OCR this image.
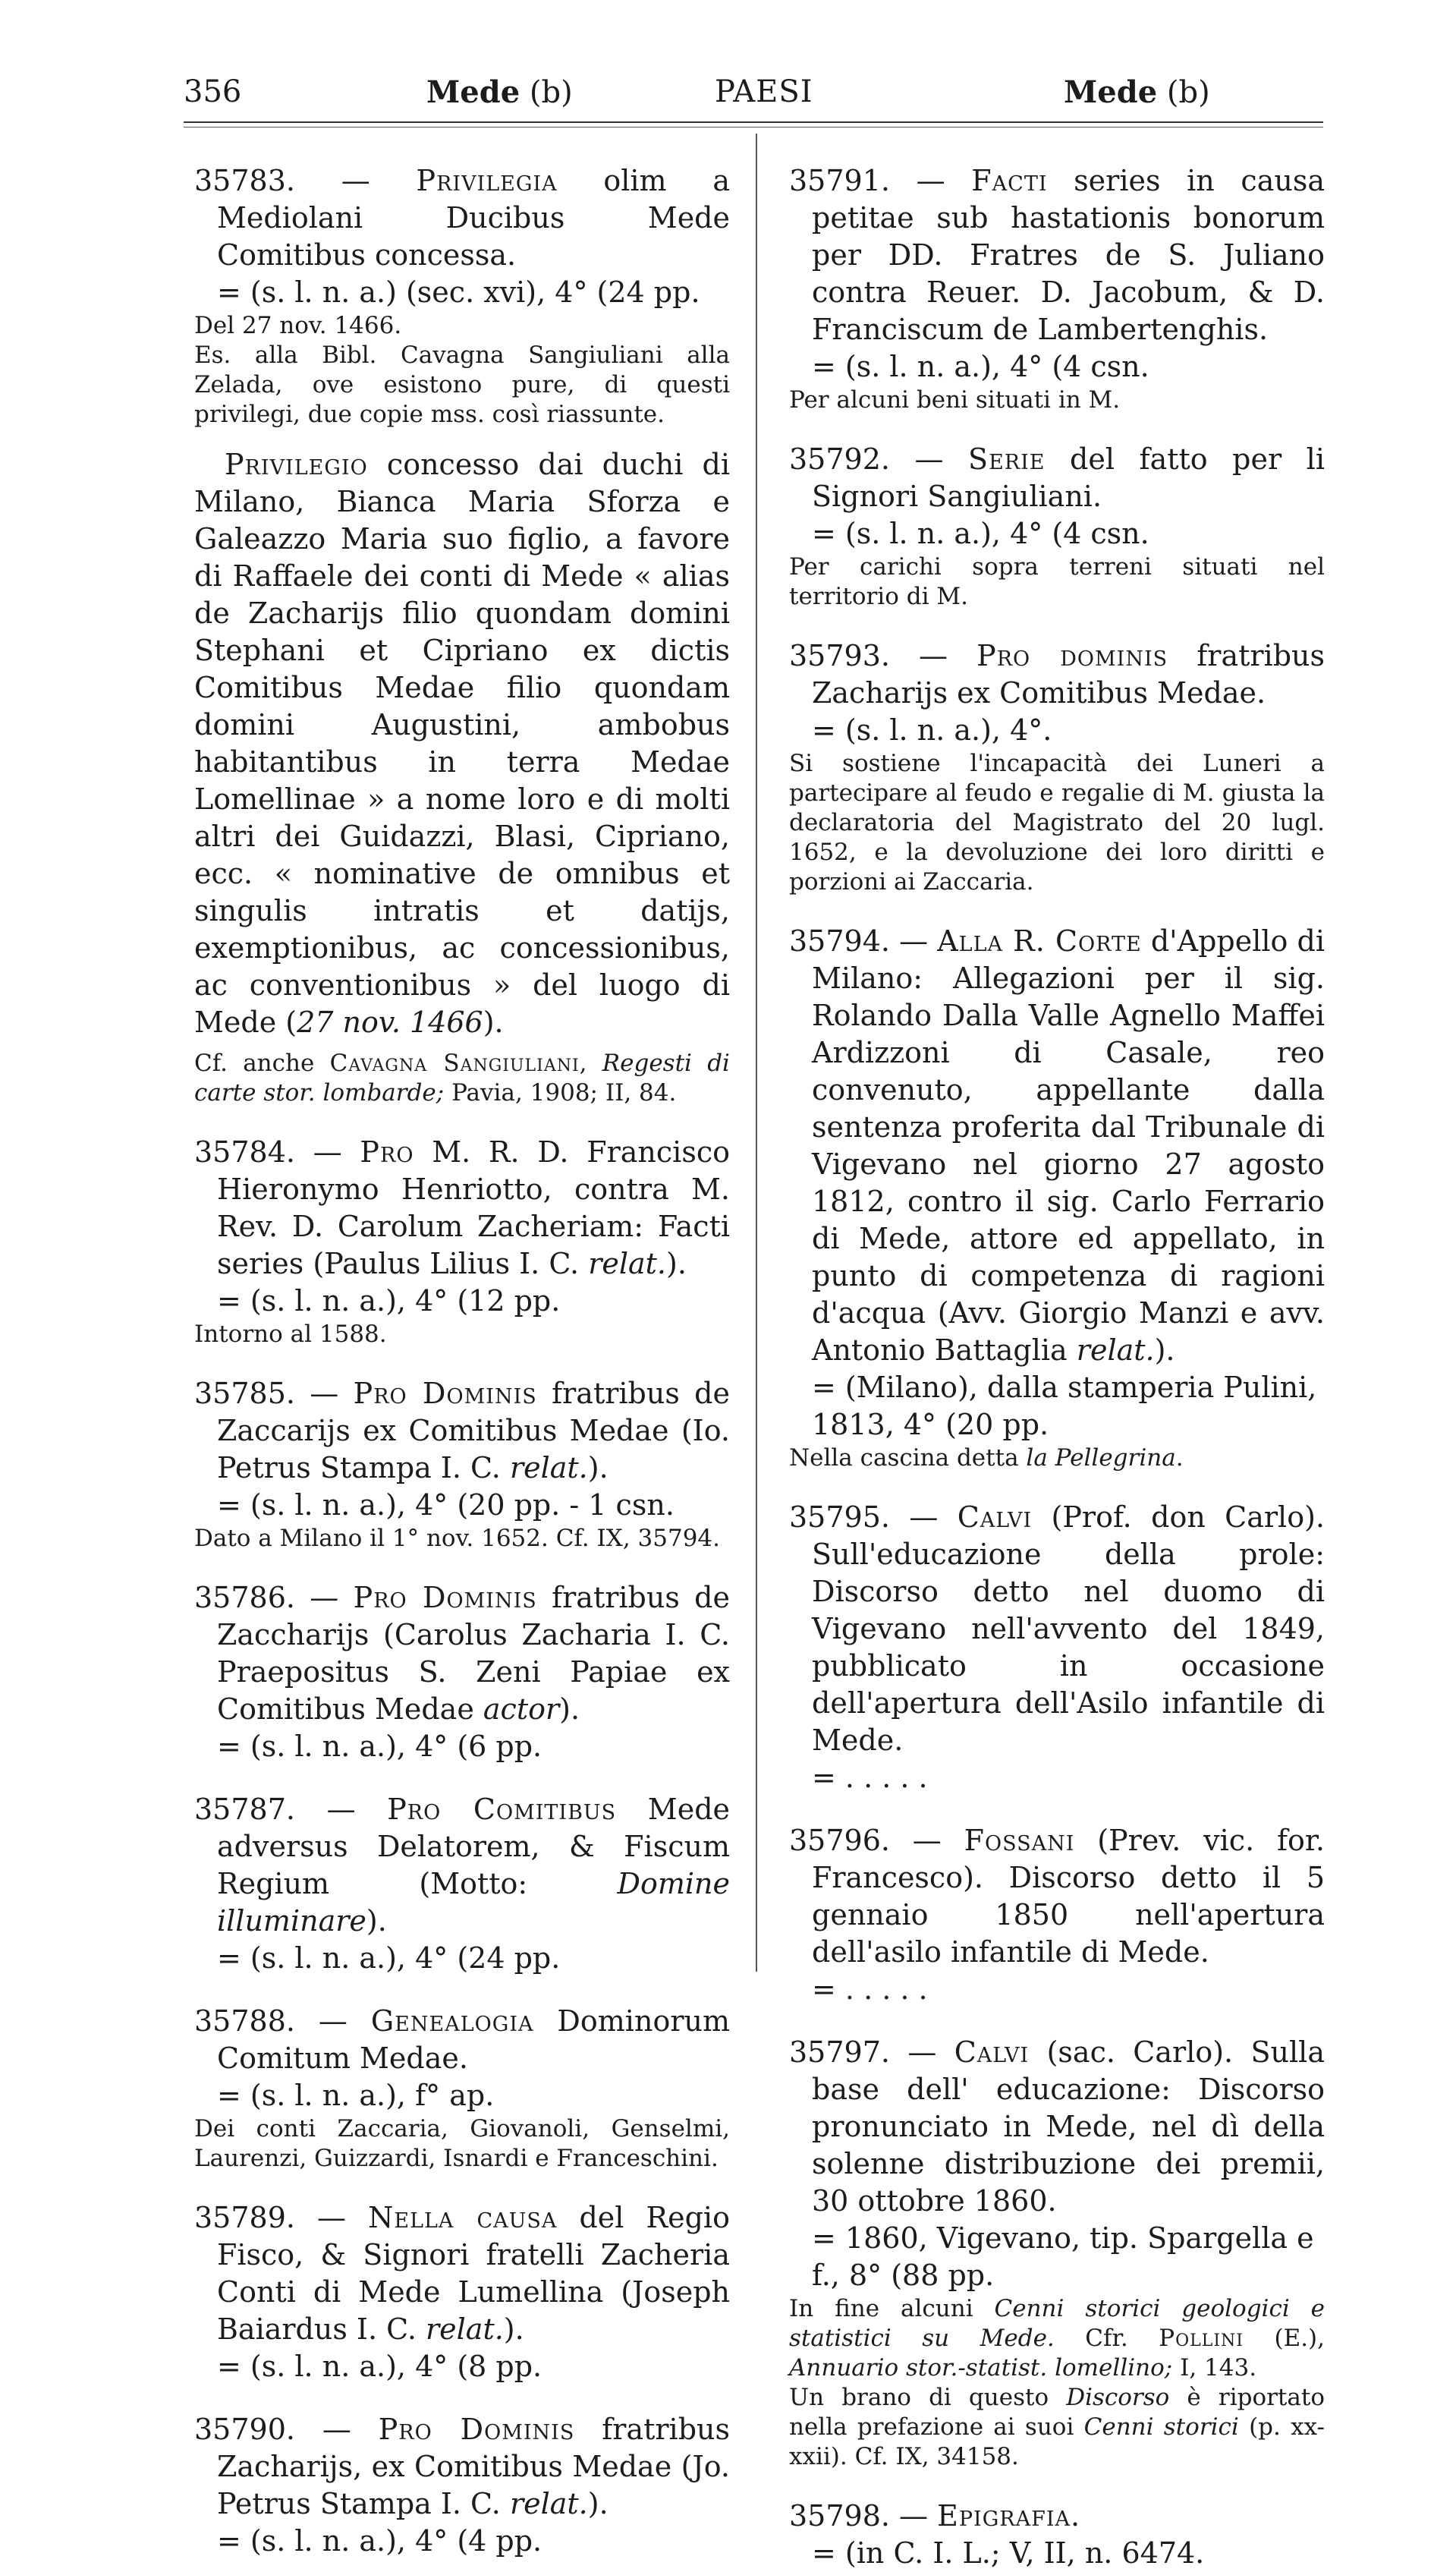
356	Mede (b)	PAESI	Mede (b)

35783. — Privilegia olim a Mediolani Ducibus Mede Comitibus concessa.

= (s. l. n. a.) (sec. xvi), 4° (24 pp.

Del 27 nov. 1466.

Es. alla Bibl. Cavagna Sangiuliani alla Zelada, ove esistono pure, di questi privilegi, due copie mss. così riassunte.

Privilegio concesso dai duchi di Milano, Bianca Maria Sforza e Galeazzo Maria suo figlio, a favore di Raffaele dei conti di Mede « alias de Zacharijs filio quondam domini Stephani et Cipriano ex dictis Comitibus Medae filio quondam domini Augustini, ambobus habitantibus in terra Medae Lomellinae » a nome loro e di molti altri dei Guidazzi, Blasi, Cipriano, ecc. « nominative de omnibus et singulis intratis et datijs, exemptionibus, ac concessionibus, ac conventionibus » del luogo di Mede (27 nov. 1466).

Cf. anche Cavagna Sangiuliani, Regesti di carte stor. lombarde; Pavia, 1908; II, 84.

35784. — Pro M. R. D. Francisco Hieronymo Henriotto, contra M. Rev. D. Carolum Zacheriam: Facti series (Paulus Lilius I. C. relat.).

= (s. l. n. a.), 4° (12 pp.

Intorno al 1588.

35785. — Pro Dominis fratribus de Zaccarijs ex Comitibus Medae (Io. Petrus Stampa I. C. relat.).

= (s. l. n. a.), 4° (20 pp. - 1 csn.

Dato a Milano il 1° nov. 1652. Cf. IX, 35794.

35786. — Pro Dominis fratribus de Zaccharijs (Carolus Zacharia I. C. Praepositus S. Zeni Papiae ex Comitibus Medae actor).

= (s. l. n. a.), 4° (6 pp.

35787. — Pro Comitibus Mede adversus Delatorem, & Fiscum Regium (Motto: Domine illuminare).

= (s. l. n. a.), 4° (24 pp.

35788. — Genealogia Dominorum Comitum Medae.

= (s. l. n. a.), f° ap.

Dei conti Zaccaria, Giovanoli, Genselmi, Laurenzi, Guizzardi, Isnardi e Franceschini.

35789. — Nella causa del Regio Fisco, & Signori fratelli Zacheria Conti di Mede Lumellina (Joseph Baiardus I. C. relat.).

= (s. l. n. a.), 4° (8 pp.

35790. — Pro Dominis fratribus Zacharijs, ex Comitibus Medae (Jo. Petrus Stampa I. C. relat.).

= (s. l. n. a.), 4° (4 pp.

35791. — Facti series in causa petitae sub hastationis bonorum per DD. Fratres de S. Juliano contra Reuer. D. Jacobum, & D. Franciscum de Lambertenghis.

= (s. l. n. a.), 4° (4 csn.

Per alcuni beni situati in M.

35792. — Serie del fatto per li Signori Sangiuliani.

= (s. l. n. a.), 4° (4 csn.

Per carichi sopra terreni situati nel territorio di M.

35793. — Pro dominis fratribus Zacharijs ex Comitibus Medae.

= (s. l. n. a.), 4°.

Si sostiene l'incapacità dei Luneri a partecipare al feudo e regalie di M. giusta la declaratoria del Magistrato del 20 lugl. 1652, e la devoluzione dei loro diritti e porzioni ai Zaccaria.

35794. — Alla R. Corte d'Appello di Milano: Allegazioni per il sig. Rolando Dalla Valle Agnello Maffei Ardizzoni di Casale, reo convenuto, appellante dalla sentenza proferita dal Tribunale di Vigevano nel giorno 27 agosto 1812, contro il sig. Carlo Ferrario di Mede, attore ed appellato, in punto di competenza di ragioni d'acqua (Avv. Giorgio Manzi e avv. Antonio Battaglia relat.).

= (Milano), dalla stamperia Pulini, 1813, 4° (20 pp.

Nella cascina detta la Pellegrina.

35795. — Calvi (Prof. don Carlo). Sull'educazione della prole: Discorso detto nel duomo di Vigevano nell'avvento del 1849, pubblicato in occasione dell'apertura dell'Asilo infantile di Mede.

= . . . . .

35796. — Fossani (Prev. vic. for. Francesco). Discorso detto il 5 gennaio 1850 nell'apertura dell'asilo infantile di Mede.

= . . . . .

35797. — Calvi (sac. Carlo). Sulla base dell' educazione: Discorso pronunciato in Mede, nel dì della solenne distribuzione dei premii, 30 ottobre 1860.

= 1860, Vigevano, tip. Spargella e f., 8° (88 pp.

In fine alcuni Cenni storici geologici e statistici su Mede. Cfr. Pollini (E.), Annuario stor.-statist. lomellino; I, 143.

Un brano di questo Discorso è riportato nella prefazione ai suoi Cenni storici (p. xx-xxii). Cf. IX, 34158.

35798. — Epigrafia.

= (in C. I. L.; V, II, n. 6474.
